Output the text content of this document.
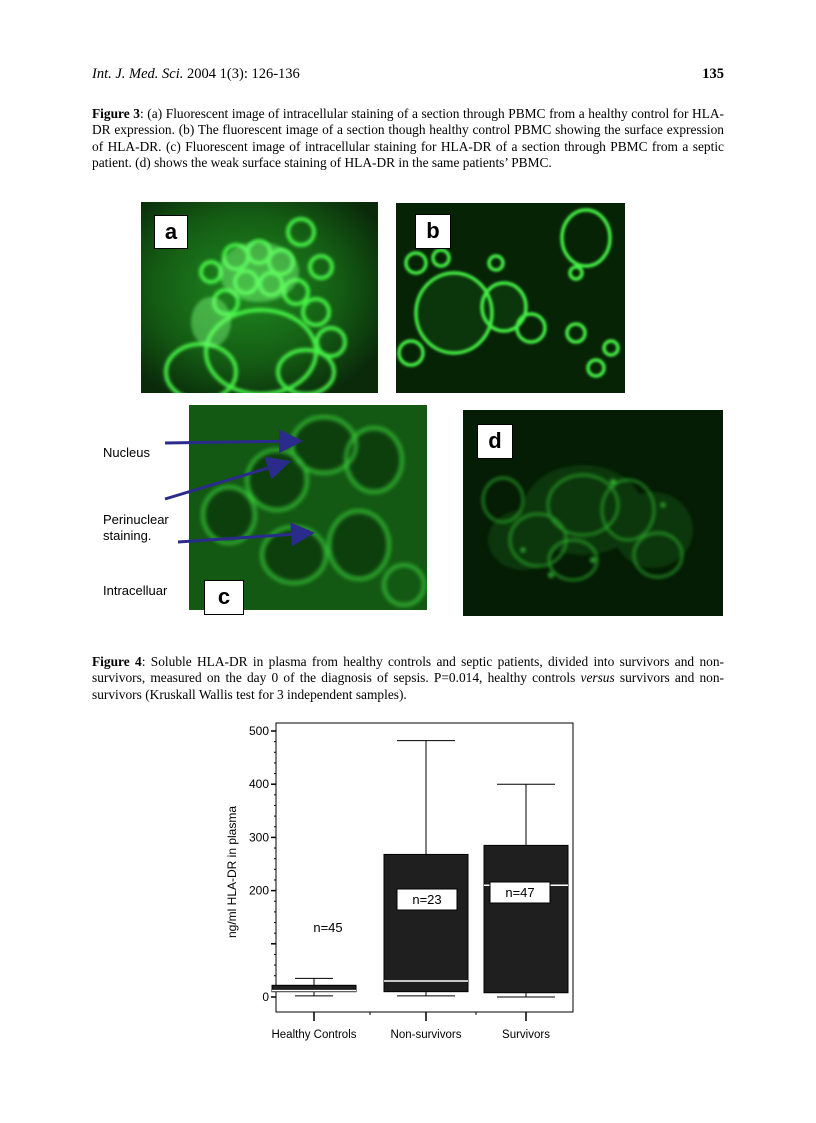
Int. J. Med. Sci. 2004 1(3): 126-136	135
Figure 3: (a) Fluorescent image of intracellular staining of a section through PBMC from a healthy control for HLA-DR expression. (b) The fluorescent image of a section though healthy control PBMC showing the surface expression of HLA-DR. (c) Fluorescent image of intracellular staining for HLA-DR of a section through PBMC from a septic patient. (d) shows the weak surface staining of HLA-DR in the same patients’ PBMC.
a	b
c
d
Nucleus
Perinuclear
staining.
Intracelluar
Figure 4: Soluble HLA-DR in plasma from healthy controls and septic patients, divided into survivors and non-survivors, measured on the day 0 of the diagnosis of sepsis. P=0.014, healthy controls versus survivors and non-survivors (Kruskall Wallis test for 3 independent samples).
ng/ml HLA-DR in plasma
0
200
300
400
500
n=45
n=23	n=47
Healthy Controls	Non-survivors	Survivors
